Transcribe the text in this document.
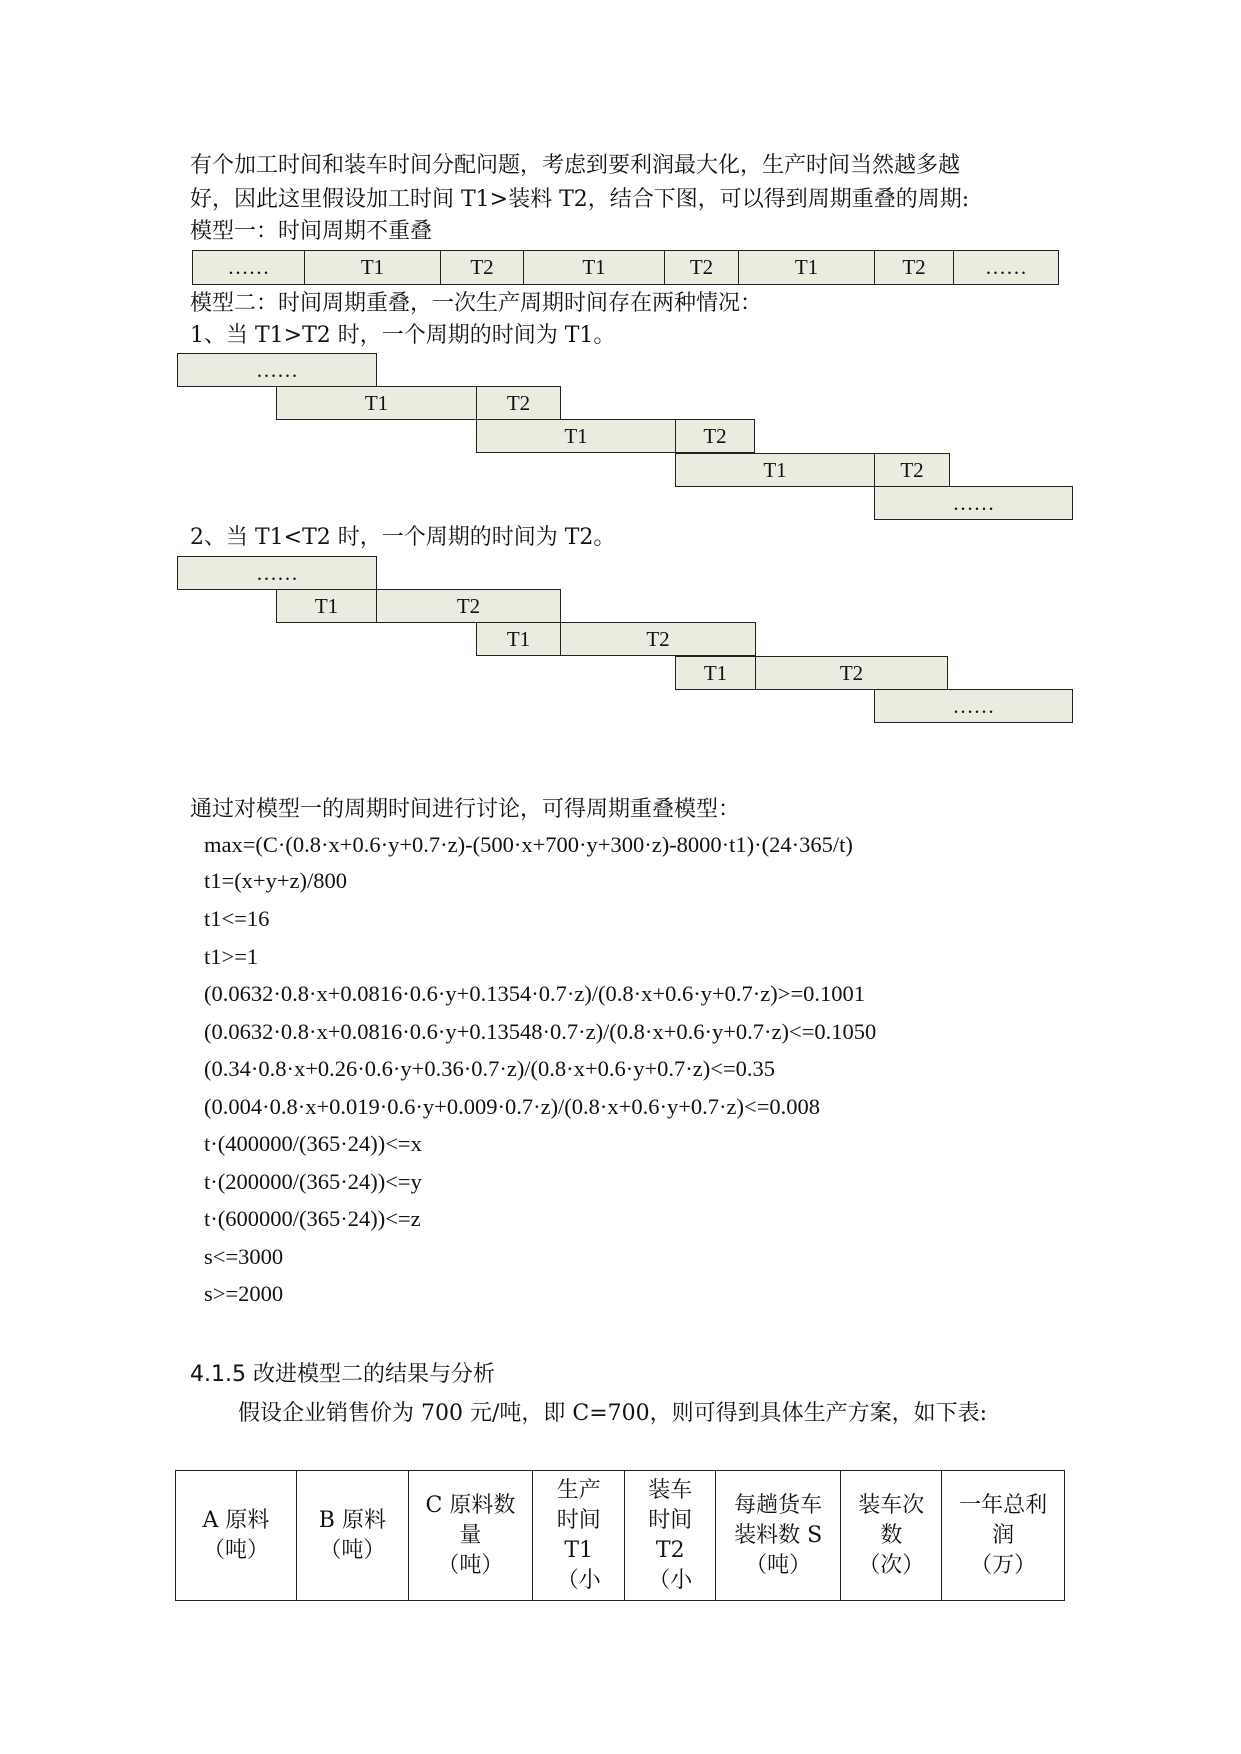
有个加工时间和装车时间分配问题，考虑到要利润最大化，生产时间当然越多越
好，因此这里假设加工时间 T1>装料 T2，结合下图，可以得到周期重叠的周期:
模型一：时间周期不重叠
……	T1	T2	T1	T2	T1	T2	……
模型二：时间周期重叠，一次生产周期时间存在两种情况：
1、当 T1>T2 时，一个周期的时间为 T1。
……
T1	T2
T1	T2
T1	T2
……
2、当 T1<T2 时，一个周期的时间为 T2。
……
T1	T2
T1	T2
T1	T2
……
通过对模型一的周期时间进行讨论，可得周期重叠模型：
max=(C·(0.8·x+0.6·y+0.7·z)-(500·x+700·y+300·z)-8000·t1)·(24·365/t)
t1=(x+y+z)/800
t1<=16
t1>=1
(0.0632·0.8·x+0.0816·0.6·y+0.1354·0.7·z)/(0.8·x+0.6·y+0.7·z)>=0.1001
(0.0632·0.8·x+0.0816·0.6·y+0.13548·0.7·z)/(0.8·x+0.6·y+0.7·z)<=0.1050
(0.34·0.8·x+0.26·0.6·y+0.36·0.7·z)/(0.8·x+0.6·y+0.7·z)<=0.35
(0.004·0.8·x+0.019·0.6·y+0.009·0.7·z)/(0.8·x+0.6·y+0.7·z)<=0.008
t·(400000/(365·24))<=x
t·(200000/(365·24))<=y
t·(600000/(365·24))<=z
s<=3000
s>=2000
4.1.5 改进模型二的结果与分析
假设企业销售价为 700 元/吨，即 C=700，则可得到具体生产方案，如下表:
A 原料
（吨）

B 原料
（吨）

C 原料数
量
（吨）

生产
时间
T1
（小

装车
时间
T2
（小

每趟货车
装料数 S
（吨）

装车次
数
（次）

一年总利
润
（万）
